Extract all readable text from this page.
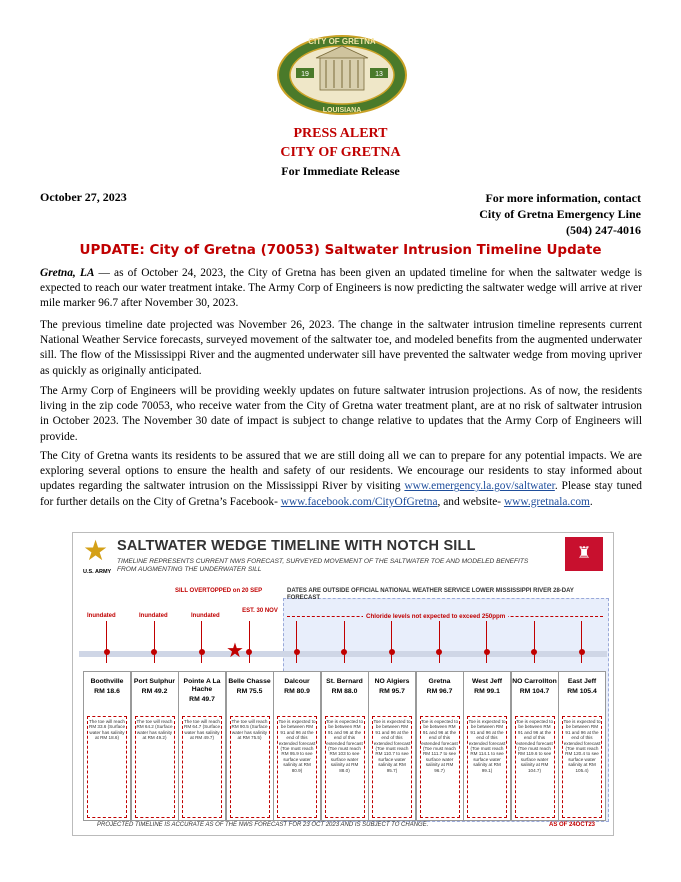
19	13
CITY OF GRETNA
LOUISIANA
PRESS ALERT
CITY OF GRETNA
For Immediate Release
October 27, 2023	For more information, contact
City of Gretna Emergency Line
(504) 247-4016
UPDATE: City of Gretna (70053) Saltwater Intrusion Timeline Update
Gretna, LA — as of October 24, 2023, the City of Gretna has been given an updated timeline for when the saltwater wedge is expected to reach our water treatment intake. The Army Corp of Engineers is now predicting the saltwater wedge will arrive at river mile marker 96.7 after November 30, 2023.
The previous timeline date projected was November 26, 2023. The change in the saltwater intrusion timeline represents current National Weather Service forecasts, surveyed movement of the saltwater toe, and modeled benefits from the augmented underwater sill. The flow of the Mississippi River and the augmented underwater sill have prevented the saltwater wedge from moving upriver as quickly as originally anticipated.
The Army Corp of Engineers will be providing weekly updates on future saltwater intrusion projections. As of now, the residents living in the zip code 70053, who receive water from the City of Gretna water treatment plant, are at no risk of saltwater intrusion in October 2023. The November 30 date of impact is subject to change relative to updates that the Army Corp of Engineers will provide.
The City of Gretna wants its residents to be assured that we are still doing all we can to prepare for any potential impacts. We are exploring several options to ensure the health and safety of our residents. We encourage our residents to stay informed about updates regarding the saltwater intrusion on the Mississippi River by visiting www.emergency.la.gov/saltwater. Please stay tuned for further details on the City of Gretna’s Facebook- www.facebook.com/CityOfGretna, and website- www.gretnala.com.
★
U.S. ARMY
SALTWATER WEDGE TIMELINE WITH NOTCH SILL
TIMELINE REPRESENTS CURRENT NWS FORECAST, SURVEYED MOVEMENT OF THE SALTWATER TOE AND MODELED BENEFITS FROM AUGMENTING THE UNDERWATER SILL
♜
SILL OVERTOPPED on 20 SEP	DATES ARE OUTSIDE OFFICIAL NATIONAL WEATHER SERVICE LOWER MISSISSIPPI RIVER 28-DAY FORECAST
EST. 30 NOV
Chloride levels not expected to exceed 250ppm
Inundated	Inundated	Inundated
★
Boothville
RM 18.6
The toe will reach RM 33.6 (Surface water has salinity at RM 18.6)
Port Sulphur
RM 49.2
The toe will reach RM 64.2 (Surface water has salinity at RM 49.2)
Pointe A La Hache
RM 49.7
The toe will reach RM 64.7 (Surface water has salinity at RM 49.7)
Belle Chasse
RM 75.5
The toe will reach RM 90.5 (Surface water has salinity at RM 75.5)
Dalcour
RM 80.9
Toe is expected to be between RM 91 and 96 at the end of this extended forecast (Toe must reach RM 95.9 to see surface water salinity at RM 80.9)
St. Bernard
RM 88.0
Toe is expected to be between RM 91 and 96 at the end of this extended forecast (Toe must reach RM 103 to see surface water salinity at RM 88.0)
NO Algiers
RM 95.7
Toe is expected to be between RM 91 and 96 at the end of this extended forecast (Toe must reach RM 110.7 to see surface water salinity at RM 95.7)
Gretna
RM 96.7
Toe is expected to be between RM 91 and 96 at the end of this extended forecast (Toe must reach RM 111.7 to see surface water salinity at RM 96.7)
West Jeff
RM 99.1
Toe is expected to be between RM 91 and 96 at the end of this extended forecast (Toe must reach RM 114.1 to see surface water salinity at RM 99.1)
NO Carrollton
RM 104.7
Toe is expected to be between RM 91 and 96 at the end of this extended forecast (Toe must reach RM 119.6 to see surface water salinity at RM 104.7)
East Jeff
RM 105.4
Toe is expected to be between RM 91 and 96 at the end of this extended forecast (Toe must reach RM 120.4 to see surface water salinity at RM 105.4)
PROJECTED TIMELINE IS ACCURATE AS OF THE NWS FORECAST FOR 23 OCT 2023 AND IS SUBJECT TO CHANGE.	AS OF 24OCT23
